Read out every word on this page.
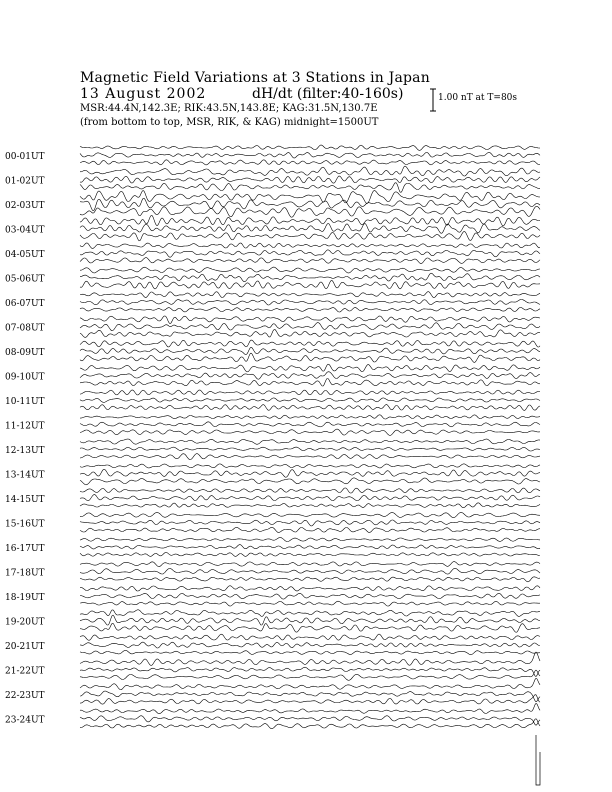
Magnetic Field Variations at 3 Stations in Japan
13 August 2002	dH/dt (filter:40-160s)
MSR:44.4N,142.3E; RIK:43.5N,143.8E; KAG:31.5N,130.7E
(from bottom to top, MSR, RIK, & KAG) midnight=1500UT
1.00 nT at T=80s
00-01UT
01-02UT
02-03UT
03-04UT
04-05UT
05-06UT
06-07UT
07-08UT
08-09UT
09-10UT
10-11UT
11-12UT
12-13UT
13-14UT
14-15UT
15-16UT
16-17UT
17-18UT
18-19UT
19-20UT
20-21UT
21-22UT
22-23UT
23-24UT
